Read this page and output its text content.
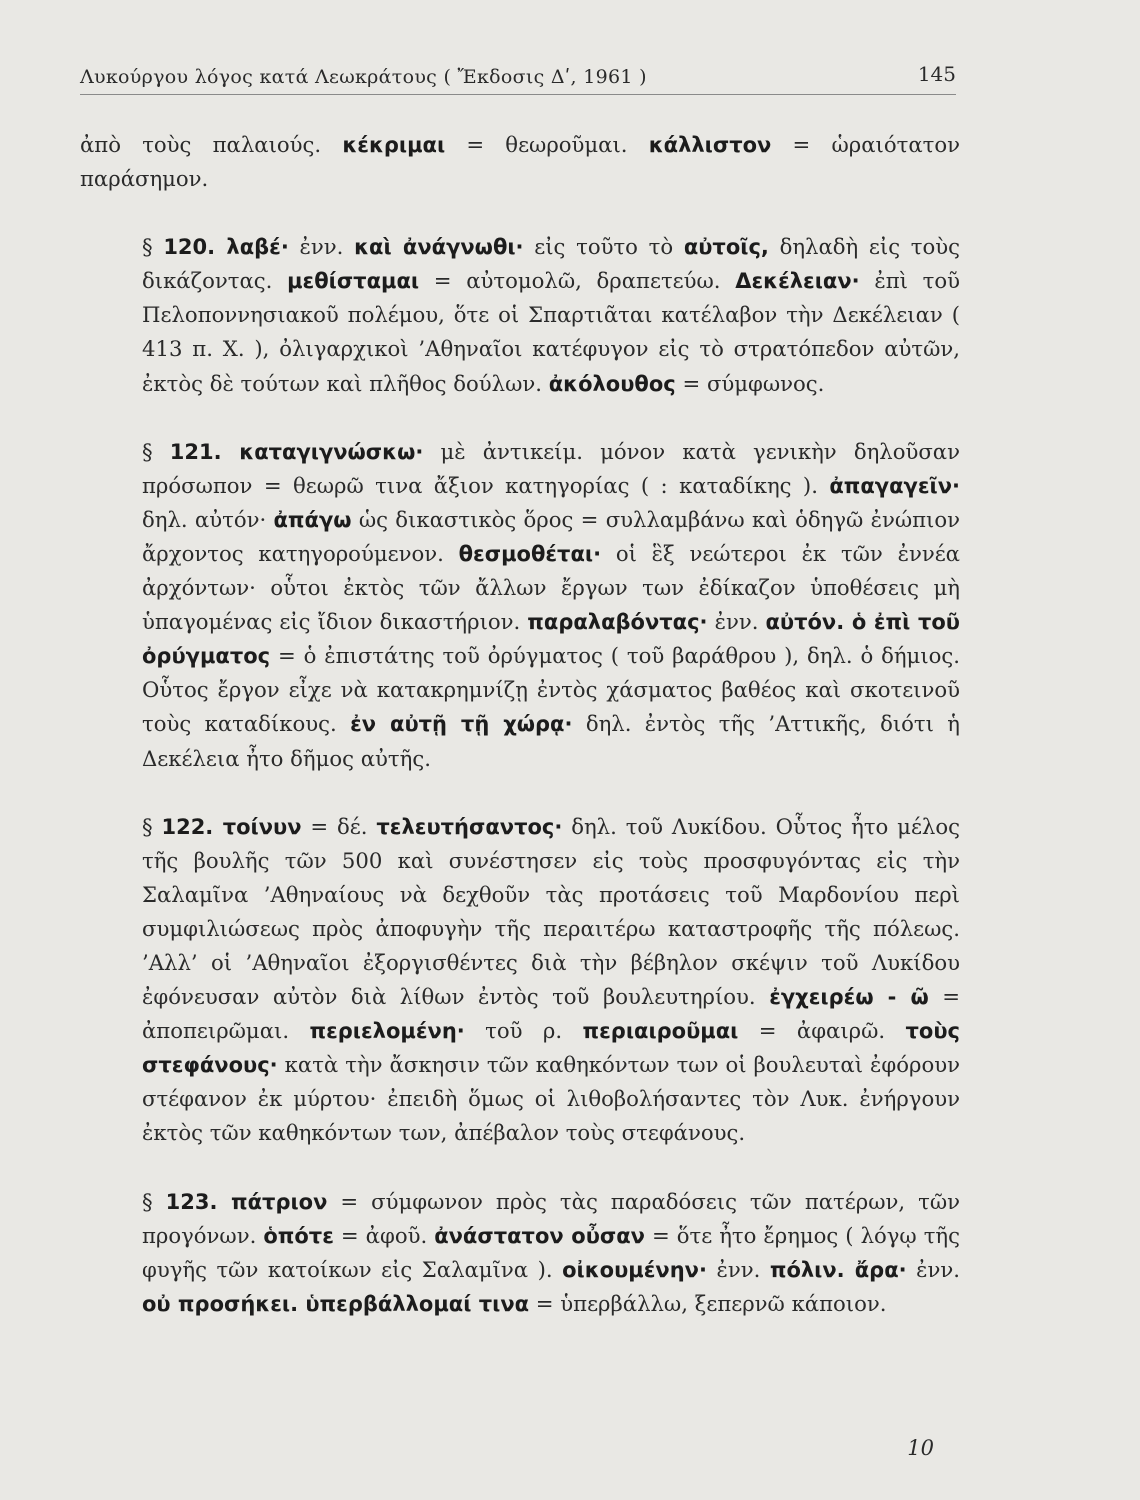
Λυκούργου λόγος κατά Λεωκράτους ( Ἔκδοσις Δʹ, 1961 )	145

ἀπὸ τοὺς παλαιούς. κέκριμαι = θεωροῦμαι. κάλλιστον = ὡραιότατον παράσημον.

§ 120. λαβέ· ἐνν. καὶ ἀνάγνωθι· εἰς τοῦτο τὸ αὐτοῖς, δηλαδὴ εἰς τοὺς δικάζοντας. μεθίσταμαι = αὐτομολῶ, δραπετεύω. Δεκέλειαν· ἐπὶ τοῦ Πελοποννησιακοῦ πολέμου, ὅτε οἱ Σπαρτιᾶται κατέλαβον τὴν Δεκέλειαν ( 413 π. Χ. ), ὀλιγαρχικοὶ ’Αθηναῖοι κατέφυγον εἰς τὸ στρατόπεδον αὐτῶν, ἐκτὸς δὲ τούτων καὶ πλῆθος δούλων. ἀκόλουθος = σύμφωνος.

§ 121. καταγιγνώσκω· μὲ ἀντικείμ. μόνον κατὰ γενικὴν δηλοῦσαν πρόσωπον = θεωρῶ τινα ἄξιον κατηγορίας ( : καταδίκης ). ἀπαγαγεῖν· δηλ. αὐτόν· ἀπάγω ὡς δικαστικὸς ὅρος = συλλαμβάνω καὶ ὁδηγῶ ἐνώπιον ἄρχοντος κατηγορούμενον. θεσμοθέται· οἱ ἓξ νεώτεροι ἐκ τῶν ἐννέα ἀρχόντων· οὗτοι ἐκτὸς τῶν ἄλλων ἔργων των ἐδίκαζον ὑποθέσεις μὴ ὑπαγομένας εἰς ἴδιον δικαστήριον. παραλαβόντας· ἐνν. αὐτόν. ὁ ἐπὶ τοῦ ὀρύγματος = ὁ ἐπιστάτης τοῦ ὀρύγματος ( τοῦ βαράθρου ), δηλ. ὁ δήμιος. Οὗτος ἔργον εἶχε νὰ κατακρημνίζῃ ἐντὸς χάσματος βαθέος καὶ σκοτεινοῦ τοὺς καταδίκους. ἐν αὐτῇ τῇ χώρᾳ· δηλ. ἐντὸς τῆς ’Αττικῆς, διότι ἡ Δεκέλεια ἦτο δῆμος αὐτῆς.

§ 122. τοίνυν = δέ. τελευτήσαντος· δηλ. τοῦ Λυκίδου. Οὗτος ἦτο μέλος τῆς βουλῆς τῶν 500 καὶ συνέστησεν εἰς τοὺς προσφυγόντας εἰς τὴν Σαλαμῖνα ’Αθηναίους νὰ δεχθοῦν τὰς προτάσεις τοῦ Μαρδονίου περὶ συμφιλιώσεως πρὸς ἀποφυγὴν τῆς περαιτέρω καταστροφῆς τῆς πόλεως. ’Αλλ’ οἱ ’Αθηναῖοι ἐξοργισθέντες διὰ τὴν βέβηλον σκέψιν τοῦ Λυκίδου ἐφόνευσαν αὐτὸν διὰ λίθων ἐντὸς τοῦ βουλευτηρίου. ἐγχειρέω - ῶ = ἀποπειρῶμαι. περιελομένη· τοῦ ρ. περιαιροῦμαι = ἀφαιρῶ. τοὺς στεφάνους· κατὰ τὴν ἄσκησιν τῶν καθηκόντων των οἱ βουλευταὶ ἐφόρουν στέφανον ἐκ μύρτου· ἐπειδὴ ὅμως οἱ λιθοβολήσαντες τὸν Λυκ. ἐνήργουν ἐκτὸς τῶν καθηκόντων των, ἀπέβαλον τοὺς στεφάνους.

§ 123. πάτριον = σύμφωνον πρὸς τὰς παραδόσεις τῶν πατέρων, τῶν προγόνων. ὁπότε = ἀφοῦ. ἀνάστατον οὖσαν = ὅτε ἦτο ἔρημος ( λόγῳ τῆς φυγῆς τῶν κατοίκων εἰς Σαλαμῖνα ). οἰκουμένην· ἐνν. πόλιν. ἄρα· ἐνν. οὐ προσήκει. ὑπερβάλλομαί τινα = ὑπερβάλλω, ξεπερνῶ κάποιον.

10
